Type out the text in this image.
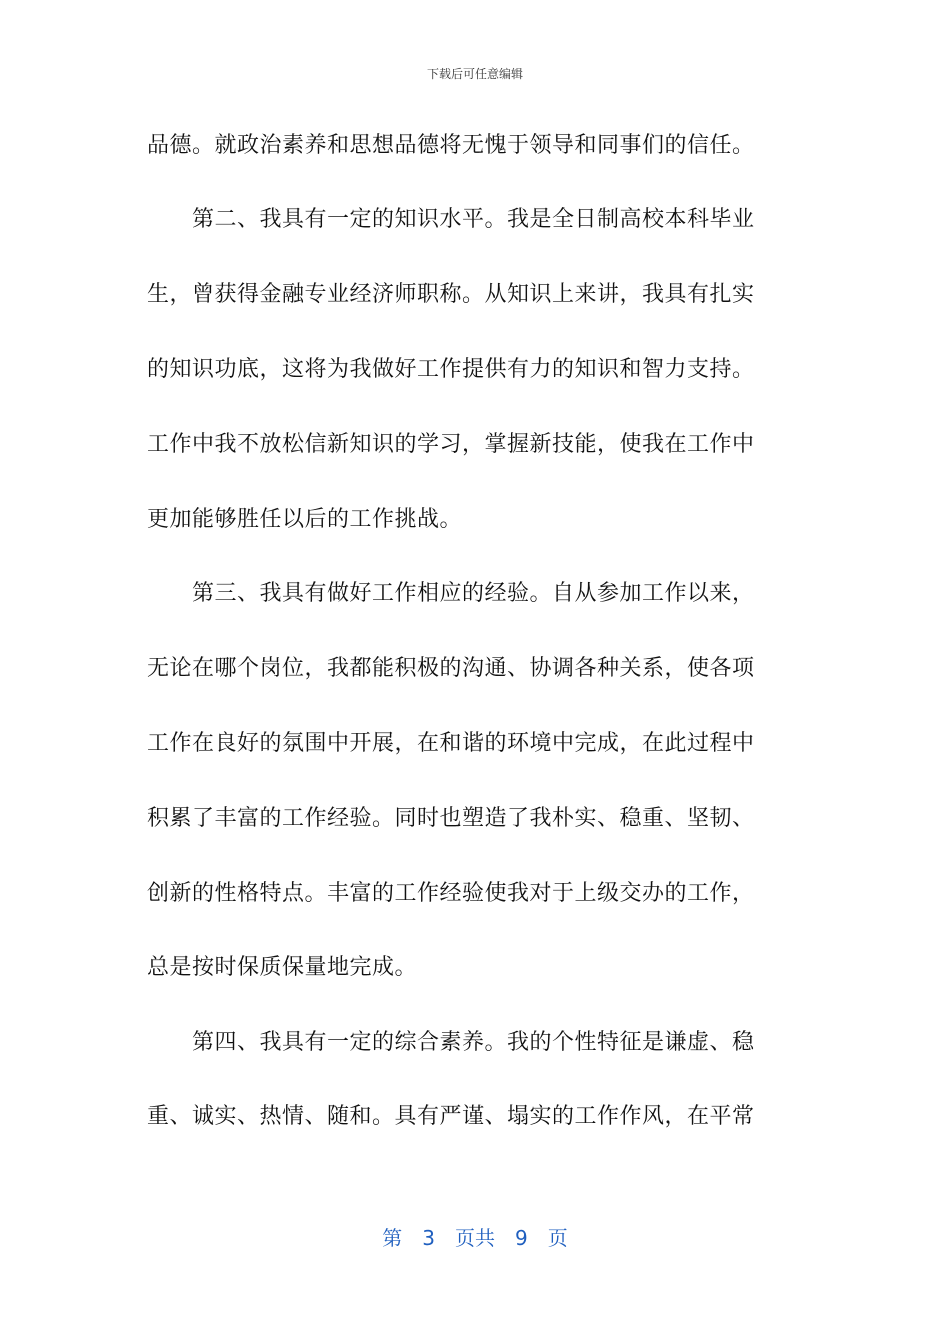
下载后可任意编辑
品德。就政治素养和思想品德将无愧于领导和同事们的信任。
第二、我具有一定的知识水平。我是全日制高校本科毕业
生，曾获得金融专业经济师职称。从知识上来讲，我具有扎实
的知识功底，这将为我做好工作提供有力的知识和智力支持。
工作中我不放松信新知识的学习，掌握新技能，使我在工作中
更加能够胜任以后的工作挑战。
第三、我具有做好工作相应的经验。自从参加工作以来，
无论在哪个岗位，我都能积极的沟通、协调各种关系，使各项
工作在良好的氛围中开展，在和谐的环境中完成，在此过程中
积累了丰富的工作经验。同时也塑造了我朴实、稳重、坚韧、
创新的性格特点。丰富的工作经验使我对于上级交办的工作，
总是按时保质保量地完成。
第四、我具有一定的综合素养。我的个性特征是谦虚、稳
重、诚实、热情、随和。具有严谨、塌实的工作作风，在平常
第　3　页共　9　页
